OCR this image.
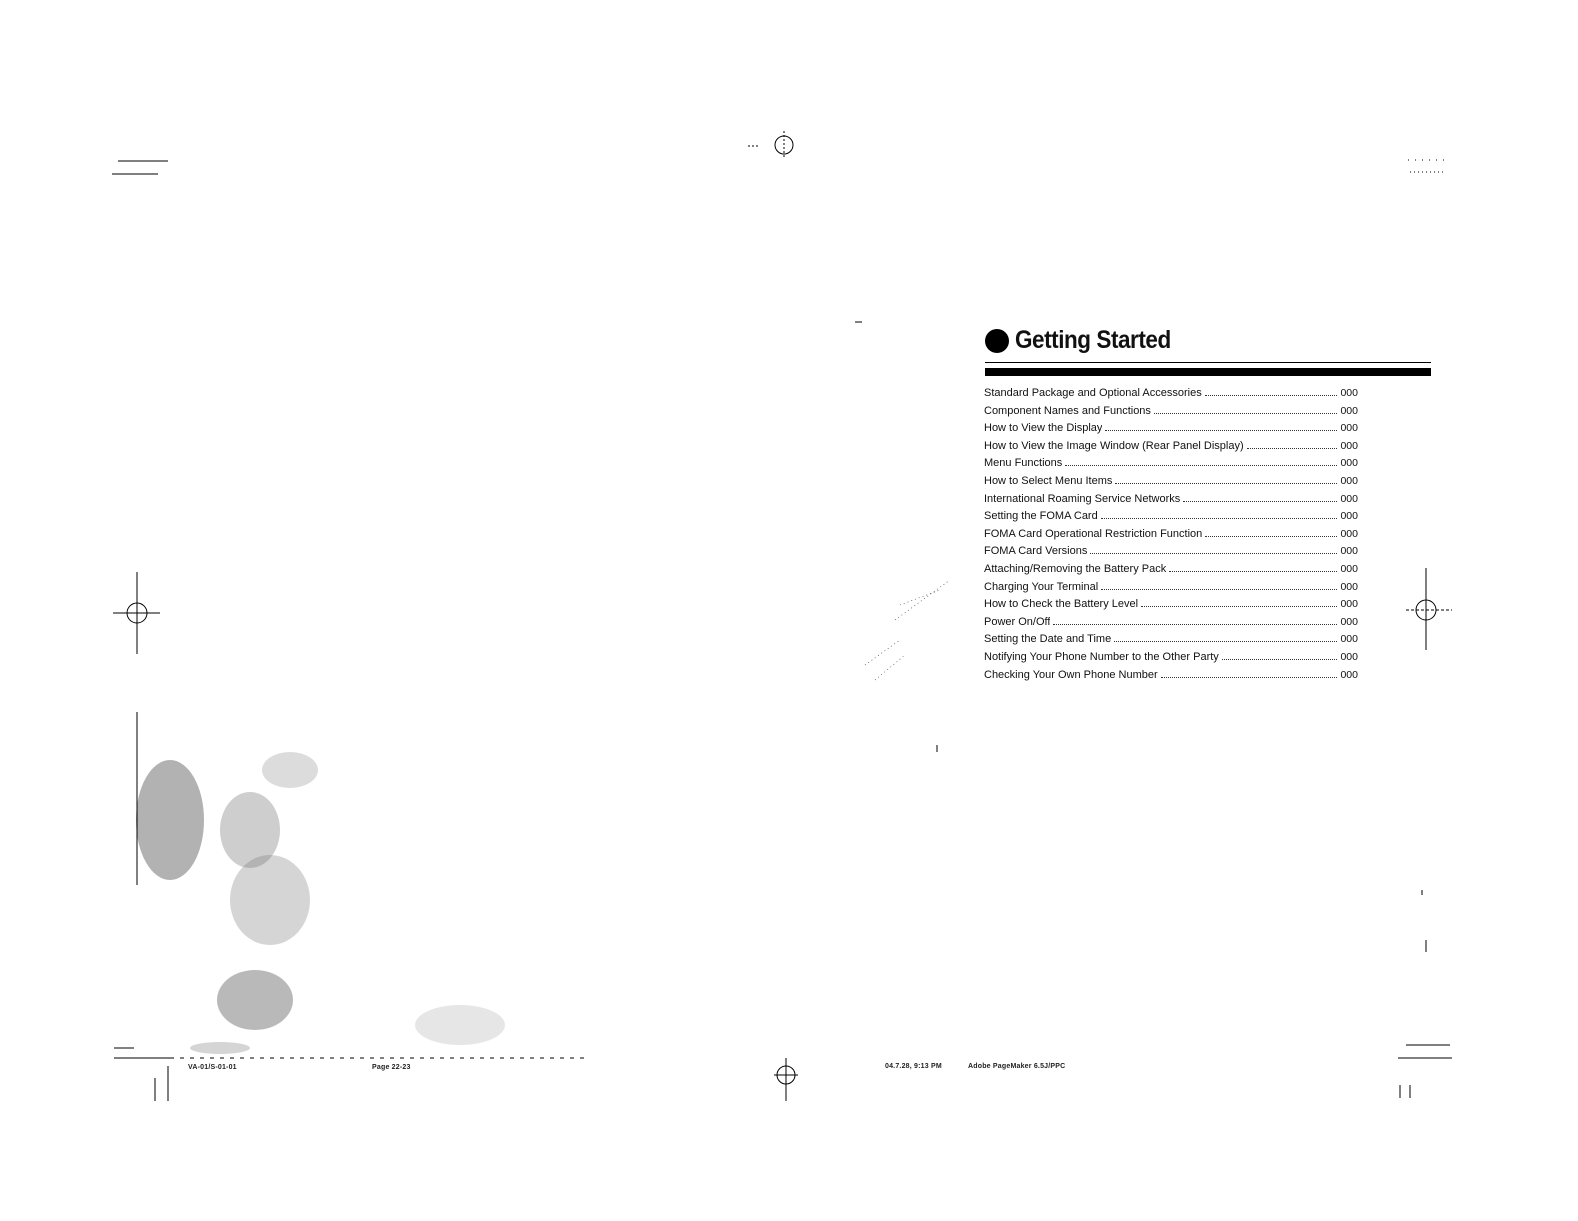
Getting Started
Standard Package and Optional Accessories	000
Component Names and Functions	000
How to View the Display	000
How to View the Image Window (Rear Panel Display)	000
Menu Functions	000
How to Select Menu Items	000
International Roaming Service Networks	000
Setting the FOMA Card	000
FOMA Card Operational Restriction Function	000
FOMA Card Versions	000
Attaching/Removing the Battery Pack	000
Charging Your Terminal	000
How to Check the Battery Level	000
Power On/Off	000
Setting the Date and Time	000
Notifying Your Phone Number to the Other Party	000
Checking Your Own Phone Number	000
VA-01/S-01-01	Page 22-23	04.7.28, 9:13 PM	Adobe PageMaker 6.5J/PPC
